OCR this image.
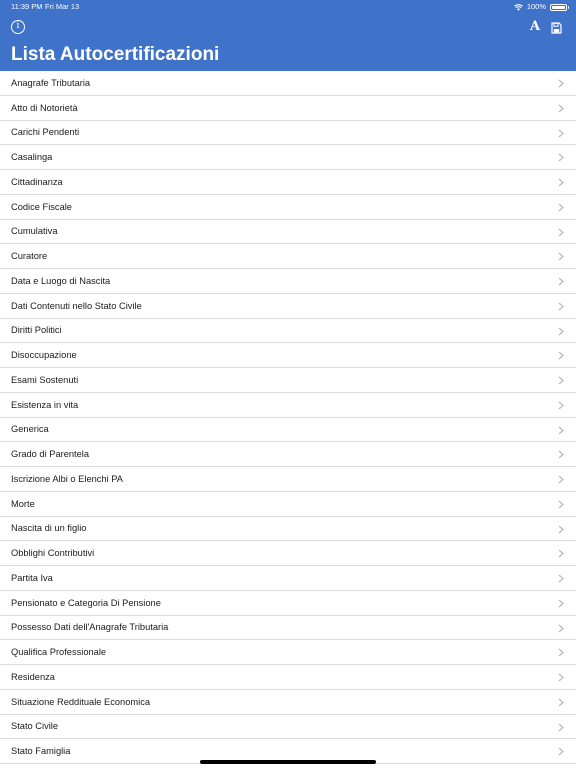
11:39 PM Fri Mar 13	100%
i	A
Lista Autocertificazioni
Anagrafe Tributaria
Atto di Notorietà
Carichi Pendenti
Casalinga
Cittadinanza
Codice Fiscale
Cumulativa
Curatore
Data e Luogo di Nascita
Dati Contenuti nello Stato Civile
Diritti Politici
Disoccupazione
Esami Sostenuti
Esistenza in vita
Generica
Grado di Parentela
Iscrizione Albi o Elenchi PA
Morte
Nascita di un figlio
Obblighi Contributivi
Partita Iva
Pensionato e Categoria Di Pensione
Possesso Dati dell'Anagrafe Tributaria
Qualifica Professionale
Residenza
Situazione Reddituale Economica
Stato Civile
Stato Famiglia
